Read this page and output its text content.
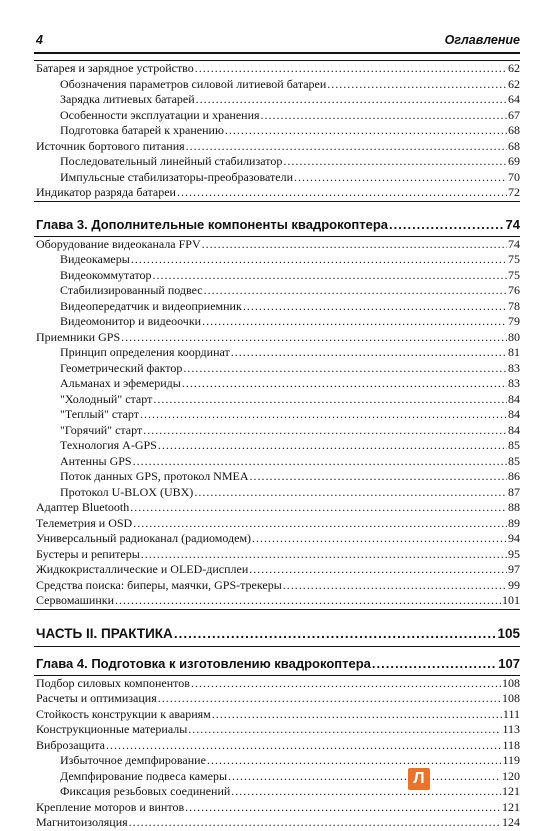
4	Оглавление
Батарея и зарядное устройство .....	62
Обозначения параметров силовой литиевой батареи .....	62
Зарядка литиевых батарей .....	64
Особенности эксплуатации и хранения .....	67
Подготовка батарей к хранению .....	68
Источник бортового питания .....	68
Последовательный линейный стабилизатор .....	69
Импульсные стабилизаторы-преобразователи .....	70
Индикатор разряда батареи .....	72
Глава 3. Дополнительные компоненты квадрокоптера .....	74
Оборудование видеоканала FPV .....	74
Видеокамеры .....	75
Видеокоммутатор .....	75
Стабилизированный подвес .....	76
Видеопередатчик и видеоприемник .....	78
Видеомонитор и видеоочки .....	79
Приемники GPS .....	80
Принцип определения координат .....	81
Геометрический фактор .....	83
Альманах и эфемериды .....	83
"Холодный" старт .....	84
"Теплый" старт .....	84
"Горячий" старт .....	84
Технология A-GPS .....	85
Антенны GPS .....	85
Поток данных GPS, протокол NMEA .....	86
Протокол U-BLOX (UBX) .....	87
Адаптер Bluetooth .....	88
Телеметрия и OSD .....	89
Универсальный радиоканал (радиомодем) .....	94
Бустеры и репитеры .....	95
Жидкокристаллические и OLED-дисплеи .....	97
Средства поиска: биперы, маячки, GPS-трекеры .....	99
Сервомашинки .....	101
ЧАСТЬ II. ПРАКТИКА .....	105
Глава 4. Подготовка к изготовлению квадрокоптера .....	107
Подбор силовых компонентов .....	108
Расчеты и оптимизация .....	108
Стойкость конструкции к авариям .....	111
Конструкционные материалы .....	113
Виброзащита .....	118
Избыточное демпфирование .....	119
Демпфирование подвеса камеры .....	120
Фиксация резьбовых соединений .....	121
Крепление моторов и винтов .....	121
Магнитоизоляция .....	124
Л
